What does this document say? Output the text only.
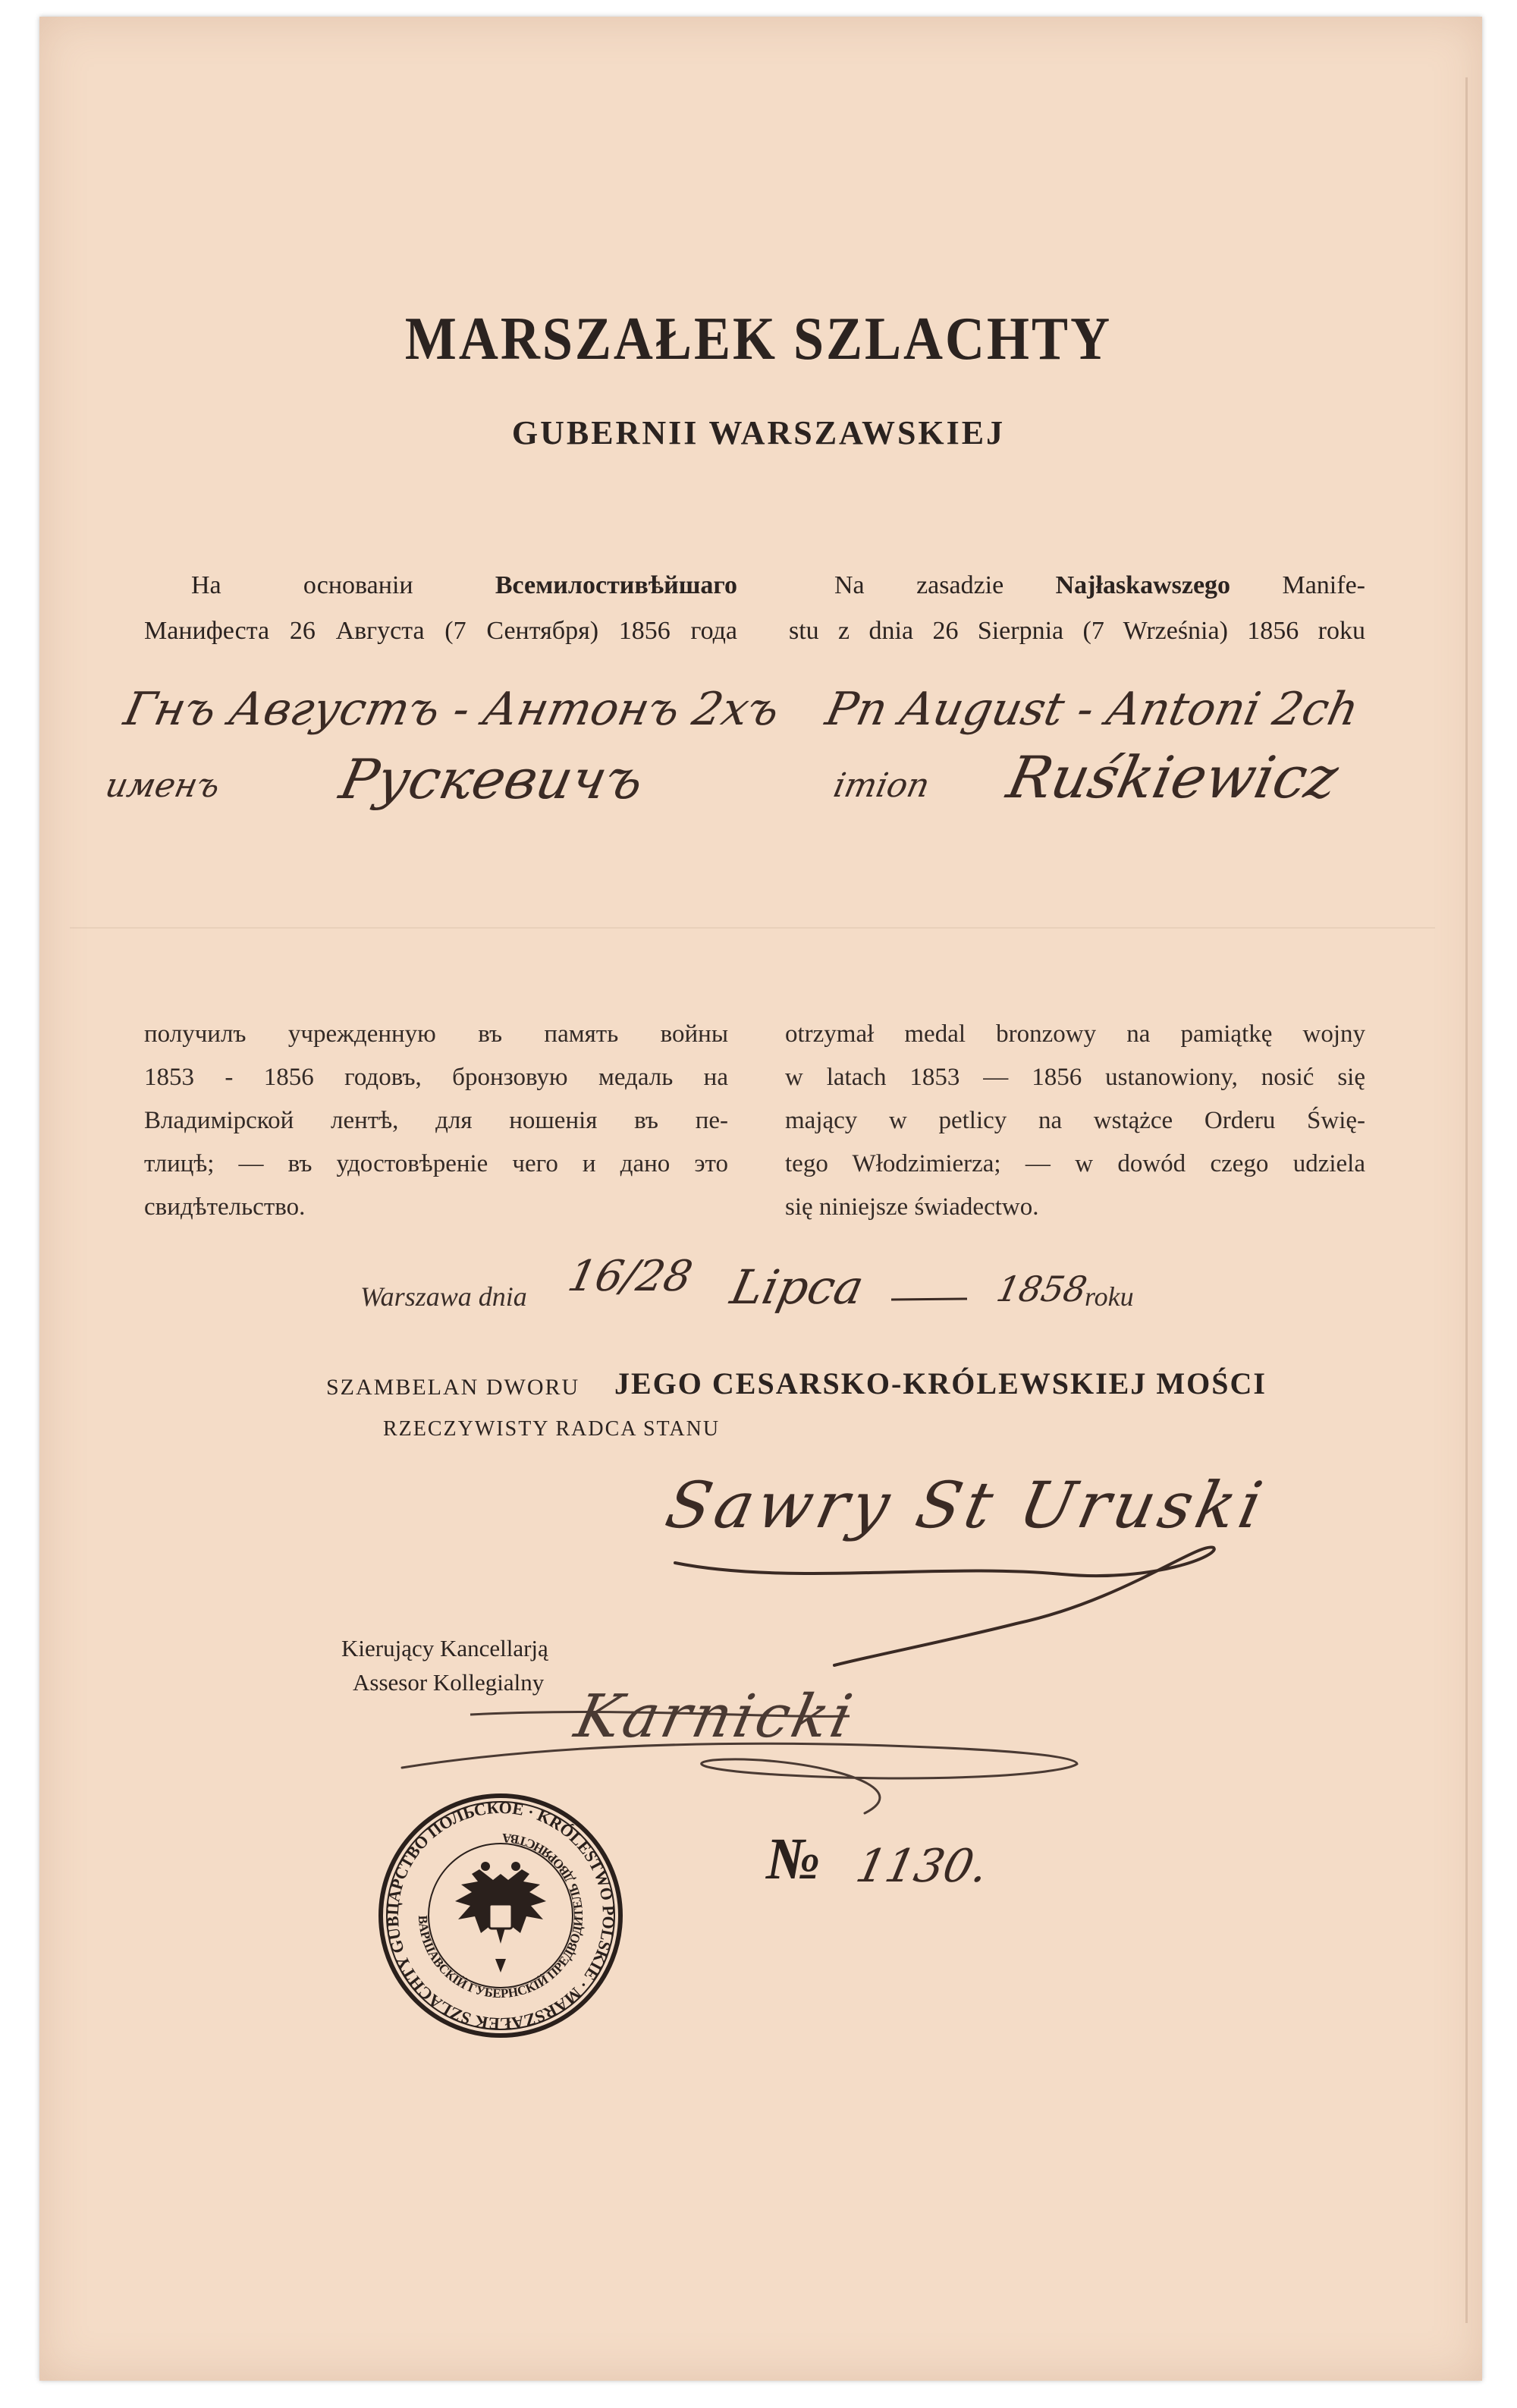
MARSZAŁEK SZLACHTY
GUBERNII WARSZAWSKIEJ
На основаніи	Всемилостивѣйшаго
Манифеста 26 Августа (7 Сентября) 1856 года
Na zasadzie Najłaskawszego Manife-
stu z dnia 26 Sierpnia (7 Września) 1856 roku
Гнъ Августъ - Антонъ 2хъ
именъ Рускевичъ
Pn August - Antoni 2ch
imion Ruśkiewicz
получилъ учрежденную въ память войны
1853 - 1856 годовъ, бронзовую медаль на
Владимірской лентѣ, для ношенія въ пе-
тлицѣ; — въ удостовѣреніе чего и дано это
свидѣтельство.
otrzymał medal bronzowy na pamiątkę wojny
w latach 1853 — 1856 ustanowiony, nosić się
mający w petlicy na wstążce Orderu Świę-
tego Włodzimierza; — w dowód czego udziela
się niniejsze świadectwo.
Warszawa dnia 16/28 Lipca	1858
roku
SZAMBELAN DWORU JEGO CESARSKO-KRÓLEWSKIEJ MOŚCI
RZECZYWISTY RADCA STANU
Sawry St Uruski
Kierujący Kancellarją
Assesor Kollegialny
Karnicki
ЦАРСТВО ПОЛЬСКОЕ · KRÓLESTWO POLSKIE · MARSZAŁEK SZLACHTY GUB	ВАРШАВСКIЙ ГУБЕРНСКIЙ ПРЕДВОДИТЕЛЬ ДВОРЯНСТВА	№ 1130.
